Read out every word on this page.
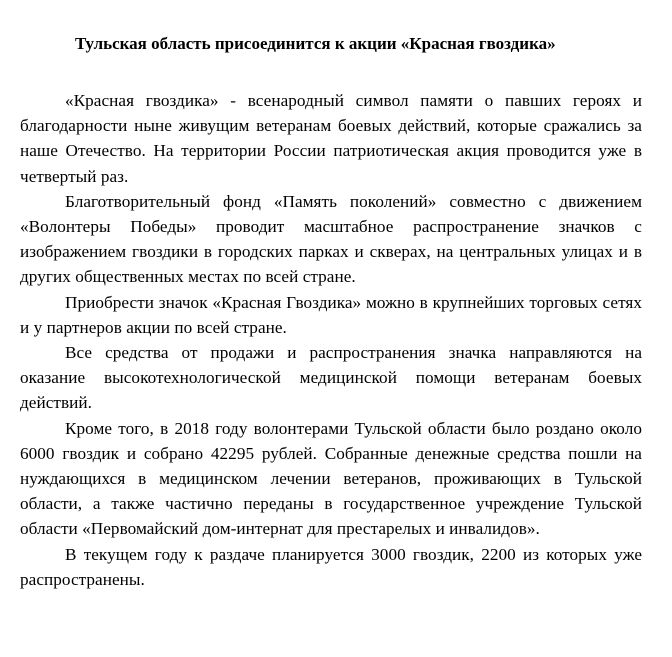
Тульская область присоединится к акции «Красная гвоздика»

«Красная гвоздика» - всенародный символ памяти о павших героях и благодарности ныне живущим ветеранам боевых действий, которые сражались за наше Отечество. На территории России патриотическая акция проводится уже в четвертый раз.

Благотворительный фонд «Память поколений» совместно с движением «Волонтеры Победы» проводит масштабное распространение значков с изображением гвоздики в городских парках и скверах, на центральных улицах и в других общественных местах по всей стране.

Приобрести значок «Красная Гвоздика» можно в крупнейших торговых сетях и у партнеров акции по всей стране.

Все средства от продажи и распространения значка направляются на оказание высокотехнологической медицинской помощи ветеранам боевых действий.

Кроме того, в 2018 году волонтерами Тульской области было роздано около 6000 гвоздик и собрано 42295 рублей. Собранные денежные средства пошли на нуждающихся в медицинском лечении ветеранов, проживающих в Тульской области, а также частично переданы в государственное учреждение Тульской области «Первомайский дом-интернат для престарелых и инвалидов».

В текущем году к раздаче планируется 3000 гвоздик, 2200 из которых уже распространены.
